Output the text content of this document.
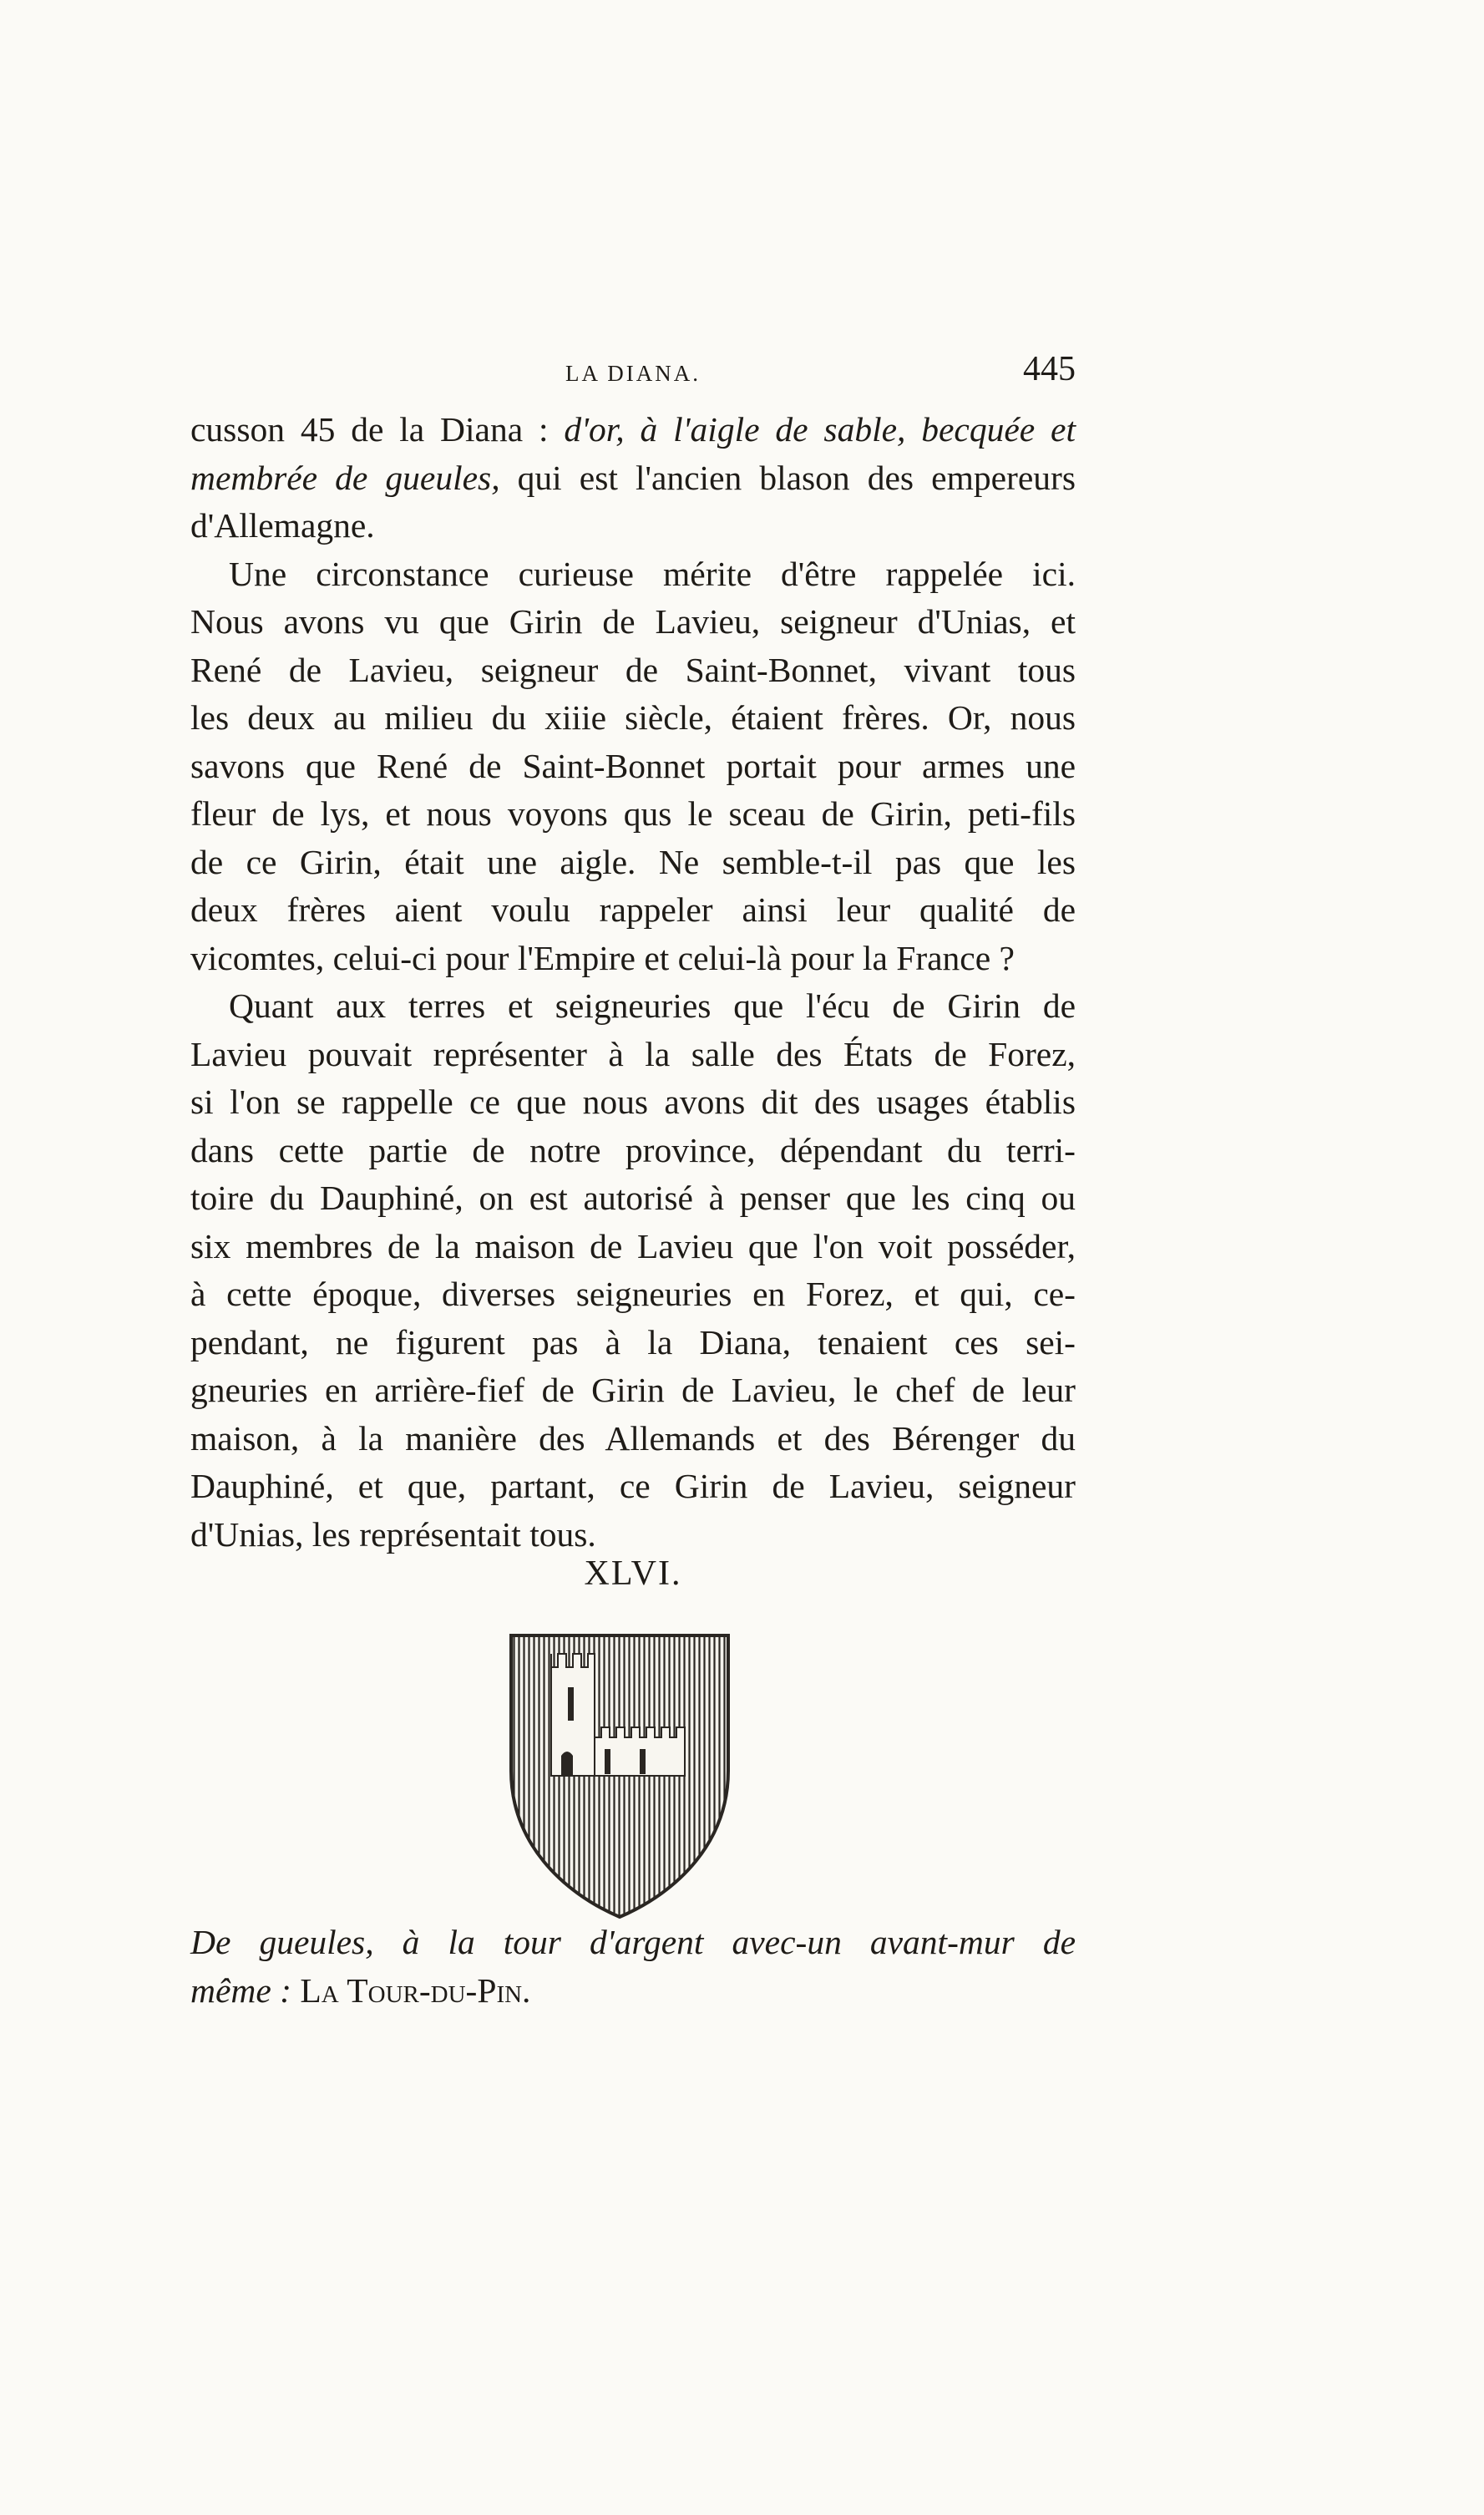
LA DIANA.	445
cusson 45 de la Diana : d'or, à l'aigle de sable, becquée et
membrée de gueules, qui est l'ancien blason des empereurs
d'Allemagne.
Une circonstance curieuse mérite d'être rappelée ici.
Nous avons vu que Girin de Lavieu, seigneur d'Unias, et
René de Lavieu, seigneur de Saint-Bonnet, vivant tous
les deux au milieu du xiiie siècle, étaient frères. Or, nous
savons que René de Saint-Bonnet portait pour armes une
fleur de lys, et nous voyons qus le sceau de Girin, peti-fils
de ce Girin, était une aigle. Ne semble-t-il pas que les
deux frères aient voulu rappeler ainsi leur qualité de
vicomtes, celui-ci pour l'Empire et celui-là pour la France ?
Quant aux terres et seigneuries que l'écu de Girin de
Lavieu pouvait représenter à la salle des États de Forez,
si l'on se rappelle ce que nous avons dit des usages établis
dans cette partie de notre province, dépendant du terri-
toire du Dauphiné, on est autorisé à penser que les cinq ou
six membres de la maison de Lavieu que l'on voit posséder,
à cette époque, diverses seigneuries en Forez, et qui, ce-
pendant, ne figurent pas à la Diana, tenaient ces sei-
gneuries en arrière-fief de Girin de Lavieu, le chef de leur
maison, à la manière des Allemands et des Bérenger du
Dauphiné, et que, partant, ce Girin de Lavieu, seigneur
d'Unias, les représentait tous.
XLVI.
De gueules, à la tour d'argent avec-un avant-mur de
même : La Tour-du-Pin.
